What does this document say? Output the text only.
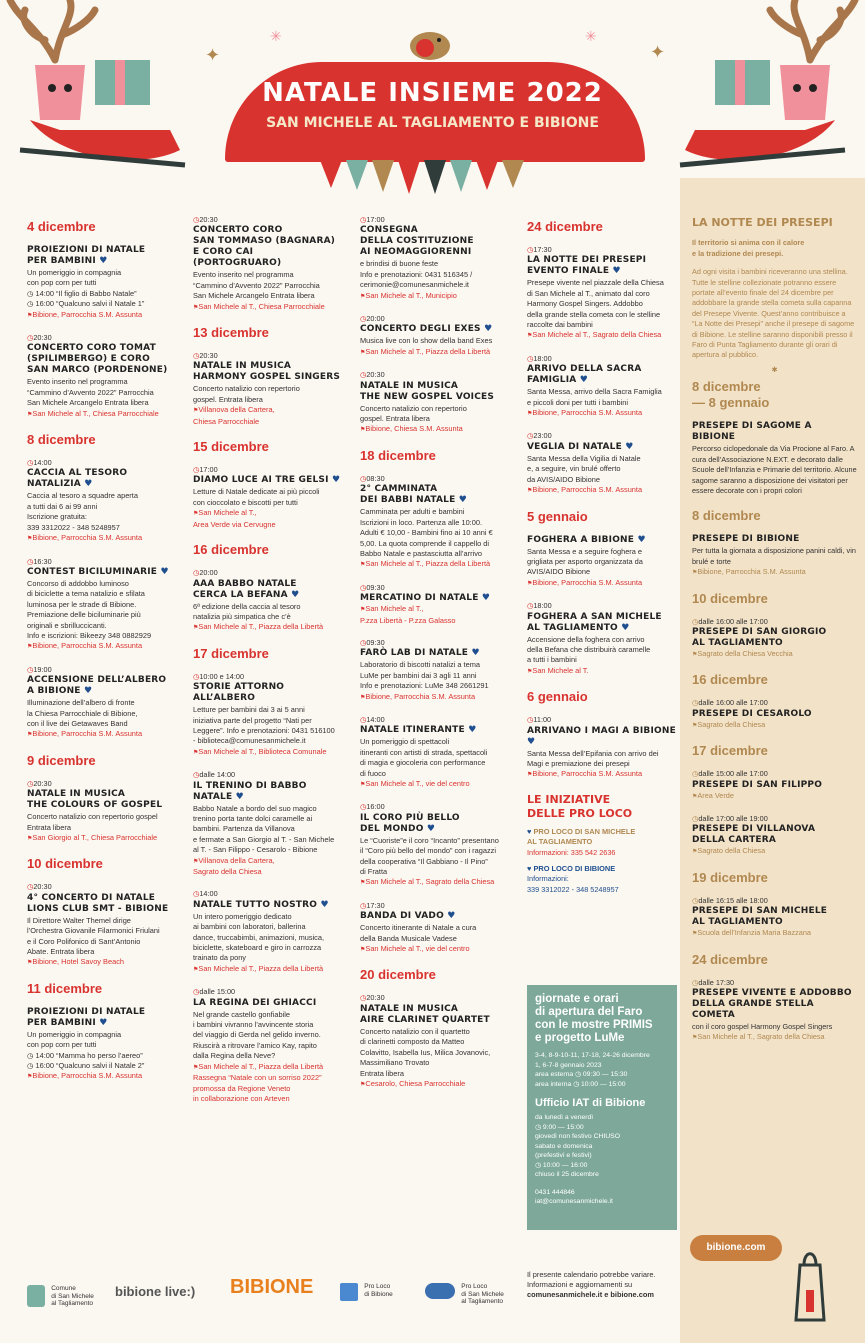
NATALE INSIEME 2022
SAN MICHELE AL TAGLIAMENTO E BIBIONE
✦	✦
✳	✳
4 dicembre
PROIEZIONI DI NATALE
PER BAMBINI ♥
Un pomeriggio in compagnia
con pop corn per tutti
◷ 14:00 “Il figlio di Babbo Natale”
◷ 16:00 “Qualcuno salvi il Natale 1”
⚑ Bibione, Parrocchia S.M. Assunta
◷ 20:30
CONCERTO CORO TOMAT
(SPILIMBERGO) E CORO
SAN MARCO (PORDENONE)
Evento inserito nel programma
“Cammino d’Avvento 2022” Parrocchia
San Michele Arcangelo Entrata libera
⚑ San Michele al T., Chiesa Parrocchiale
8 dicembre
◷ 14:00
CACCIA AL TESORO NATALIZIA ♥
Caccia al tesoro a squadre aperta
a tutti dai 6 ai 99 anni
Iscrizione gratuita:
339 3312022 - 348 5248957
⚑ Bibione, Parrocchia S.M. Assunta
◷ 16:30
CONTEST BICILUMINARIE ♥
Concorso di addobbo luminoso
di biciclette a tema natalizio e sfilata
luminosa per le strade di Bibione.
Premiazione delle biciluminarie più
originali e sbrilluccicanti.
Info e iscrizioni: Bikeezy 348 0882929
⚑ Bibione, Parrocchia S.M. Assunta
◷ 19:00
ACCENSIONE DELL’ALBERO
A BIBIONE ♥
Illuminazione dell’albero di fronte
la Chiesa Parrocchiale di Bibione,
con il live dei Getawaves Band
⚑ Bibione, Parrocchia S.M. Assunta
9 dicembre
◷ 20:30
NATALE IN MUSICA
THE COLOURS OF GOSPEL
Concerto natalizio con repertorio gospel
Entrata libera
⚑ San Giorgio al T., Chiesa Parrocchiale
10 dicembre
◷ 20:30
4° CONCERTO DI NATALE
LIONS CLUB SMT - BIBIONE
Il Direttore Walter Themel dirige
l’Orchestra Giovanile Filarmonici Friulani
e il Coro Polifonico di Sant’Antonio
Abate. Entrata libera
⚑ Bibione, Hotel Savoy Beach
11 dicembre
PROIEZIONI DI NATALE
PER BAMBINI ♥
Un pomeriggio in compagnia
con pop corn per tutti
◷ 14:00 “Mamma ho perso l’aereo”
◷ 16:00 “Qualcuno salvi il Natale 2”
⚑ Bibione, Parrocchia S.M. Assunta
◷ 20:30
CONCERTO CORO
SAN TOMMASO (BAGNARA)
E CORO CAI (PORTOGRUARO)
Evento inserito nel programma
“Cammino d’Avvento 2022” Parrocchia
San Michele Arcangelo Entrata libera
⚑ San Michele al T., Chiesa Parrocchiale
13 dicembre
◷ 20:30
NATALE IN MUSICA
HARMONY GOSPEL SINGERS
Concerto natalizio con repertorio
gospel. Entrata libera
⚑ Villanova della Cartera,
Chiesa Parrocchiale
15 dicembre
◷ 17:00
DIAMO LUCE AI TRE GELSI ♥
Letture di Natale dedicate ai più piccoli
con cioccolato e biscotti per tutti
⚑ San Michele al T.,
Area Verde via Cervugne
16 dicembre
◷ 20:00
AAA BABBO NATALE
CERCA LA BEFANA ♥
6ª edizione della caccia al tesoro
natalizia più simpatica che c’è
⚑ San Michele al T., Piazza della Libertà
17 dicembre
◷ 10:00 e 14:00
STORIE ATTORNO ALL’ALBERO
Letture per bambini dai 3 ai 5 anni
iniziativa parte del progetto “Nati per
Leggere”. Info e prenotazioni: 0431 516100
- biblioteca@comunesanmichele.it
⚑ San Michele al T., Biblioteca Comunale
◷ dalle 14:00
IL TRENINO DI BABBO NATALE ♥
Babbo Natale a bordo del suo magico
trenino porta tante dolci caramelle ai
bambini. Partenza da Villanova
e fermate a San Giorgio al T. - San Michele
al T. - San Filippo - Cesarolo - Bibione
⚑ Villanova della Cartera,
Sagrato della Chiesa
◷ 14:00
NATALE TUTTO NOSTRO ♥
Un intero pomeriggio dedicato
ai bambini con laboratori, ballerina
dance, truccabimbi, animazioni, musica,
biciclette, skateboard e giro in carrozza
trainato da pony
⚑ San Michele al T., Piazza della Libertà
◷ dalle 15:00
LA REGINA DEI GHIACCI
Nel grande castello gonfiabile
i bambini vivranno l’avvincente storia
del viaggio di Gerda nel gelido inverno.
Riuscirà a ritrovare l’amico Kay, rapito
dalla Regina della Neve?
⚑ San Michele al T., Piazza della Libertà
Rassegna “Natale con un sorriso 2022”
promossa da Regione Veneto
in collaborazione con Arteven
◷ 17:00
CONSEGNA
DELLA COSTITUZIONE
AI NEOMAGGIORENNI
e brindisi di buone feste
Info e prenotazioni: 0431 516345 /
cerimonie@comunesanmichele.it
⚑ San Michele al T., Municipio
◷ 20:00
CONCERTO DEGLI EXES ♥
Musica live con lo show della band Exes
⚑ San Michele al T., Piazza della Libertà
◷ 20:30
NATALE IN MUSICA
THE NEW GOSPEL VOICES
Concerto natalizio con repertorio
gospel. Entrata libera
⚑ Bibione, Chiesa S.M. Assunta
18 dicembre
◷ 08:30
2° CAMMINATA
DEI BABBI NATALE ♥
Camminata per adulti e bambini
Iscrizioni in loco. Partenza alle 10:00.
Adulti € 10,00 - Bambini fino ai 10 anni €
5,00. La quota comprende il cappello di
Babbo Natale e pastasciutta all’arrivo
⚑ San Michele al T., Piazza della Libertà
◷ 09:30
MERCATINO DI NATALE ♥
⚑ San Michele al T.,
P.zza Libertà - P.zza Galasso
◷ 09:30
FARÒ LAB DI NATALE ♥
Laboratorio di biscotti natalizi a tema
LuMe per bambini dai 3 agli 11 anni
Info e prenotazioni: LuMe 348 2661291
⚑ Bibione, Parrocchia S.M. Assunta
◷ 14:00
NATALE ITINERANTE ♥
Un pomeriggio di spettacoli
itineranti con artisti di strada, spettacoli
di magia e giocoleria con performance
di fuoco
⚑ San Michele al T., vie del centro
◷ 16:00
IL CORO PIÙ BELLO
DEL MONDO ♥
Le “Cuoriste”e il coro “Incanto” presentano
il “Coro più bello del mondo” con i ragazzi
della cooperativa “Il Gabbiano - Il Pino”
di Fratta
⚑ San Michele al T., Sagrato della Chiesa
◷ 17:30
BANDA DI VADO ♥
Concerto itinerante di Natale a cura
della Banda Musicale Vadese
⚑ San Michele al T., vie del centro
20 dicembre
◷ 20:30
NATALE IN MUSICA
AIRE CLARINET QUARTET
Concerto natalizio con il quartetto
di clarinetti composto da Matteo
Colavitto, Isabella Ius, Milica Jovanovic,
Massimiliano Trovato
Entrata libera
⚑ Cesarolo, Chiesa Parrocchiale
24 dicembre
◷ 17:30
LA NOTTE DEI PRESEPI
EVENTO FINALE ♥
Presepe vivente nel piazzale della Chiesa
di San Michele al T., animato dal coro
Harmony Gospel Singers. Addobbo
della grande stella cometa con le stelline
raccolte dai bambini
⚑ San Michele al T., Sagrato della Chiesa
◷ 18:00
ARRIVO DELLA SACRA FAMIGLIA ♥
Santa Messa, arrivo della Sacra Famiglia
e piccoli doni per tutti i bambini
⚑ Bibione, Parrocchia S.M. Assunta
◷ 23:00
VEGLIA DI NATALE ♥
Santa Messa della Vigilia di Natale
e, a seguire, vin brulé offerto
da AVIS/AIDO Bibione
⚑ Bibione, Parrocchia S.M. Assunta
5 gennaio
FOGHERA A BIBIONE ♥
Santa Messa e a seguire foghera e
grigliata per asporto organizzata da
AVIS/AIDO Bibione
⚑ Bibione, Parrocchia S.M. Assunta
◷ 18:00
FOGHERA A SAN MICHELE
AL TAGLIAMENTO ♥
Accensione della foghera con arrivo
della Befana che distribuirà caramelle
a tutti i bambini
⚑ San Michele al T.
6 gennaio
◷ 11:00
ARRIVANO I MAGI A BIBIONE ♥
Santa Messa dell’Epifania con arrivo dei
Magi e premiazione dei presepi
⚑ Bibione, Parrocchia S.M. Assunta
LE INIZIATIVE
DELLE PRO LOCO
♥ PRO LOCO DI SAN MICHELE
AL TAGLIAMENTO
Informazioni: 335 542 2636
♥ PRO LOCO DI BIBIONE
Informazioni:
339 3312022 - 348 5248957
giornate e orari
di apertura del Faro
con le mostre PRIMIS
e progetto LuMe
3-4, 8-9-10-11, 17-18, 24-26 dicembre
1, 6-7-8 gennaio 2023
area esterna ◷ 09:30 — 15:30
area interna ◷ 10:00 — 15:00
Ufficio IAT di Bibione
da lunedì a venerdì
◷ 9:00 — 15:00
giovedì non festivo CHIUSO
sabato e domenica
(prefestivi e festivi)
◷ 10:00 — 16:00
chiuso il 25 dicembre
0431 444846
iat@comunesanmichele.it
LA NOTTE DEI PRESEPI
Il territorio si anima con il calore
e la tradizione dei presepi.
Ad ogni visita i bambini riceveranno una stellina. Tutte le stelline collezionate potranno essere portate all’evento finale del 24 dicembre per addobbare la grande stella cometa sulla capanna del Presepe Vivente. Quest’anno contribuisce a “La Notte dei Presepi” anche il presepe di sagome di Bibione. Le stelline saranno disponibili presso il Faro di Punta Tagliamento durante gli orari di apertura al pubblico.
✱
8 dicembre
— 8 gennaio
PRESEPE DI SAGOME A BIBIONE
Percorso ciclopedonale da Via Procione al Faro. A cura dell’Associazione N.EXT. e decorato dalle Scuole dell’Infanzia e Primarie del territorio. Alcune sagome saranno a disposizione dei visitatori per essere decorate con i propri colori
8 dicembre
PRESEPE DI BIBIONE
Per tutta la giornata a disposizione panini caldi, vin brulé e torte
⚑ Bibione, Parrocchia S.M. Assunta
10 dicembre
◷ dalle 16:00 alle 17:00
PRESEPE DI SAN GIORGIO
AL TAGLIAMENTO
⚑ Sagrato della Chiesa Vecchia
16 dicembre
◷ dalle 16:00 alle 17:00
PRESEPE DI CESAROLO
⚑ Sagrato della Chiesa
17 dicembre
◷ dalle 15:00 alle 17:00
PRESEPE DI SAN FILIPPO
⚑ Area Verde
◷ dalle 17:00 alle 19:00
PRESEPE DI VILLANOVA
DELLA CARTERA
⚑ Sagrato della Chiesa
19 dicembre
◷ dalle 16:15 alle 18:00
PRESEPE DI SAN MICHELE
AL TAGLIAMENTO
⚑ Scuola dell’Infanzia Maria Bazzana
24 dicembre
◷ dalle 17:30
PRESEPE VIVENTE E ADDOBBO
DELLA GRANDE STELLA COMETA
con il coro gospel Harmony Gospel Singers
⚑ San Michele al T., Sagrato della Chiesa
bibione.com
Comune
di San Michele
al Tagliamento
bibione live:) BIBIONE	Pro Loco
di Bibione
Pro Loco
di San Michele
al Tagliamento
Il presente calendario potrebbe variare.
Informazioni e aggiornamenti su
comunesanmichele.it e bibione.com
